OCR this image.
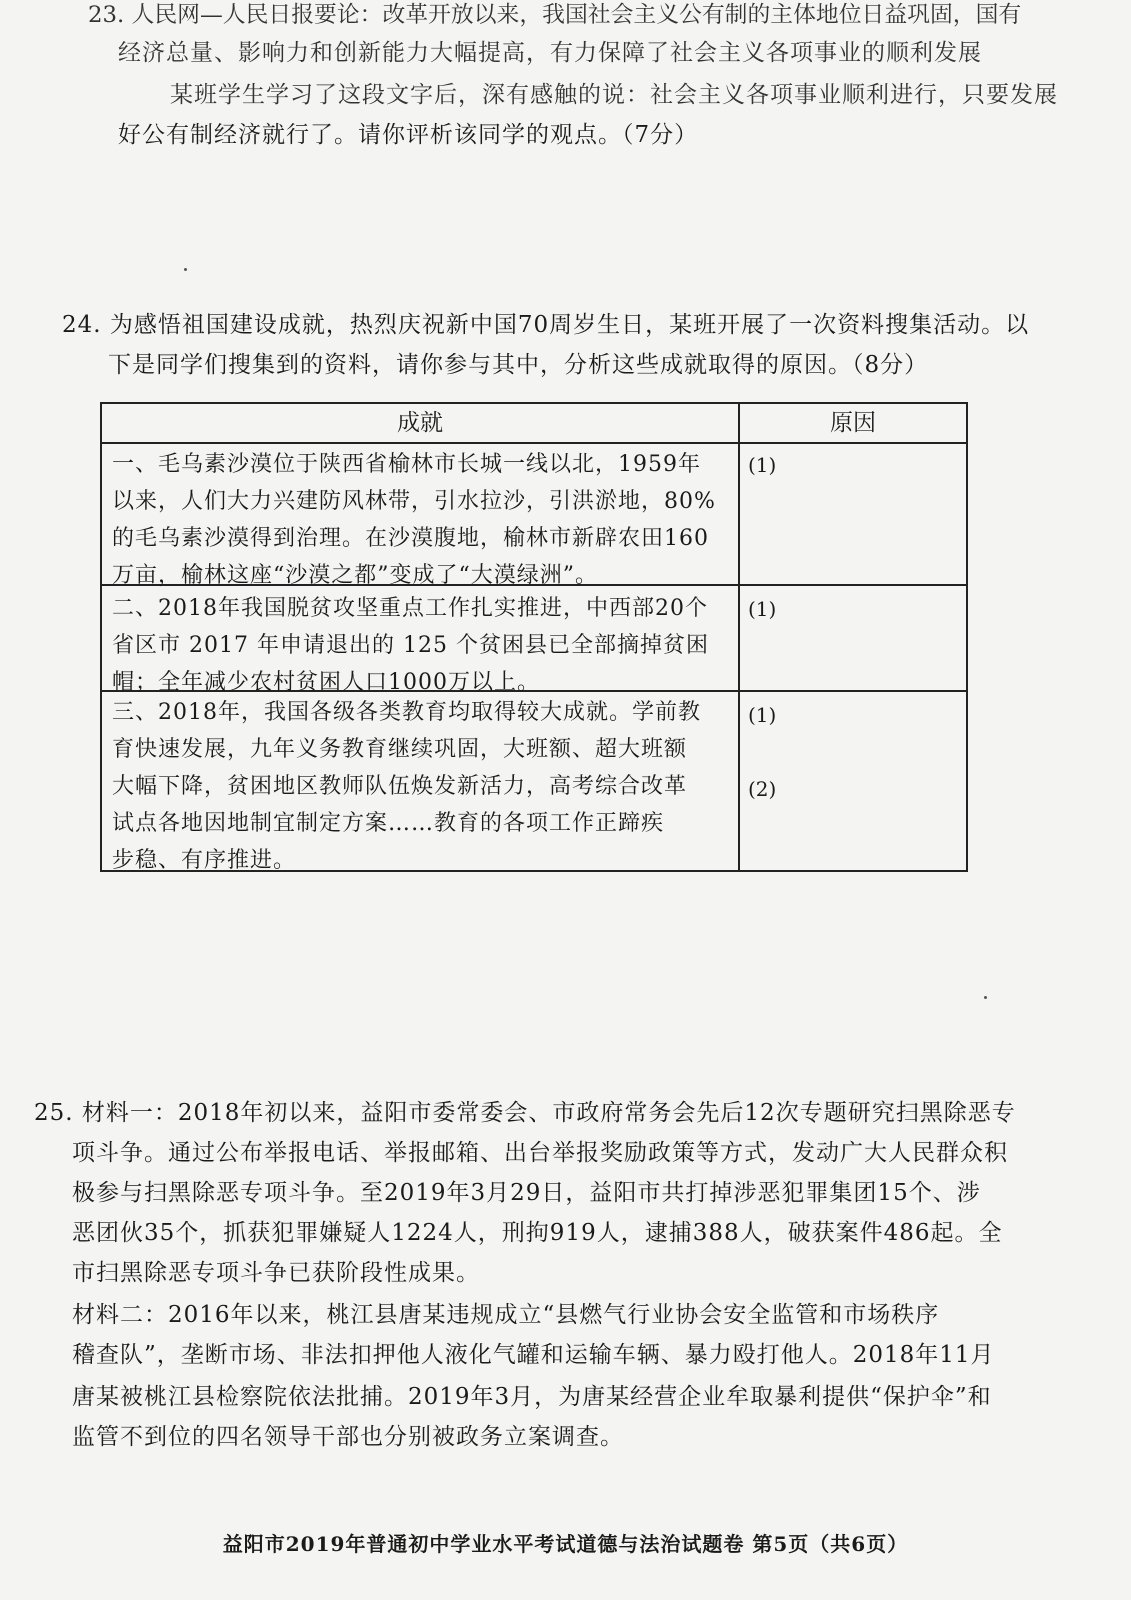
23. 人民网—人民日报要论：改革开放以来，我国社会主义公有制的主体地位日益巩固，国有
经济总量、影响力和创新能力大幅提高，有力保障了社会主义各项事业的顺利发展
某班学生学习了这段文字后，深有感触的说：社会主义各项事业顺利进行，只要发展
好公有制经济就行了。请你评析该同学的观点。（7分）
24. 为感悟祖国建设成就，热烈庆祝新中国70周岁生日，某班开展了一次资料搜集活动。以
下是同学们搜集到的资料，请你参与其中，分析这些成就取得的原因。（8分）
成就	原因
一、毛乌素沙漠位于陕西省榆林市长城一线以北，1959年
以来，人们大力兴建防风林带，引水拉沙，引洪淤地，80%
的毛乌素沙漠得到治理。在沙漠腹地，榆林市新辟农田160
万亩，榆林这座“沙漠之都”变成了“大漠绿洲”。
(1)
二、2018年我国脱贫攻坚重点工作扎实推进，中西部20个
省区市 2017 年申请退出的 125 个贫困县已全部摘掉贫困
帽；全年减少农村贫困人口1000万以上。
(1)
三、2018年，我国各级各类教育均取得较大成就。学前教
育快速发展，九年义务教育继续巩固，大班额、超大班额
大幅下降，贫困地区教师队伍焕发新活力，高考综合改革
试点各地因地制宜制定方案……教育的各项工作正蹄疾
步稳、有序推进。
(1)
(2)
25. 材料一：2018年初以来，益阳市委常委会、市政府常务会先后12次专题研究扫黑除恶专
项斗争。通过公布举报电话、举报邮箱、出台举报奖励政策等方式，发动广大人民群众积
极参与扫黑除恶专项斗争。至2019年3月29日，益阳市共打掉涉恶犯罪集团15个、涉
恶团伙35个，抓获犯罪嫌疑人1224人，刑拘919人，逮捕388人，破获案件486起。全
市扫黑除恶专项斗争已获阶段性成果。
材料二：2016年以来，桃江县唐某违规成立“县燃气行业协会安全监管和市场秩序
稽查队”，垄断市场、非法扣押他人液化气罐和运输车辆、暴力殴打他人。2018年11月
唐某被桃江县检察院依法批捕。2019年3月，为唐某经营企业牟取暴利提供“保护伞”和
监管不到位的四名领导干部也分别被政务立案调查。
益阳市2019年普通初中学业水平考试道德与法治试题卷 第5页（共6页）
